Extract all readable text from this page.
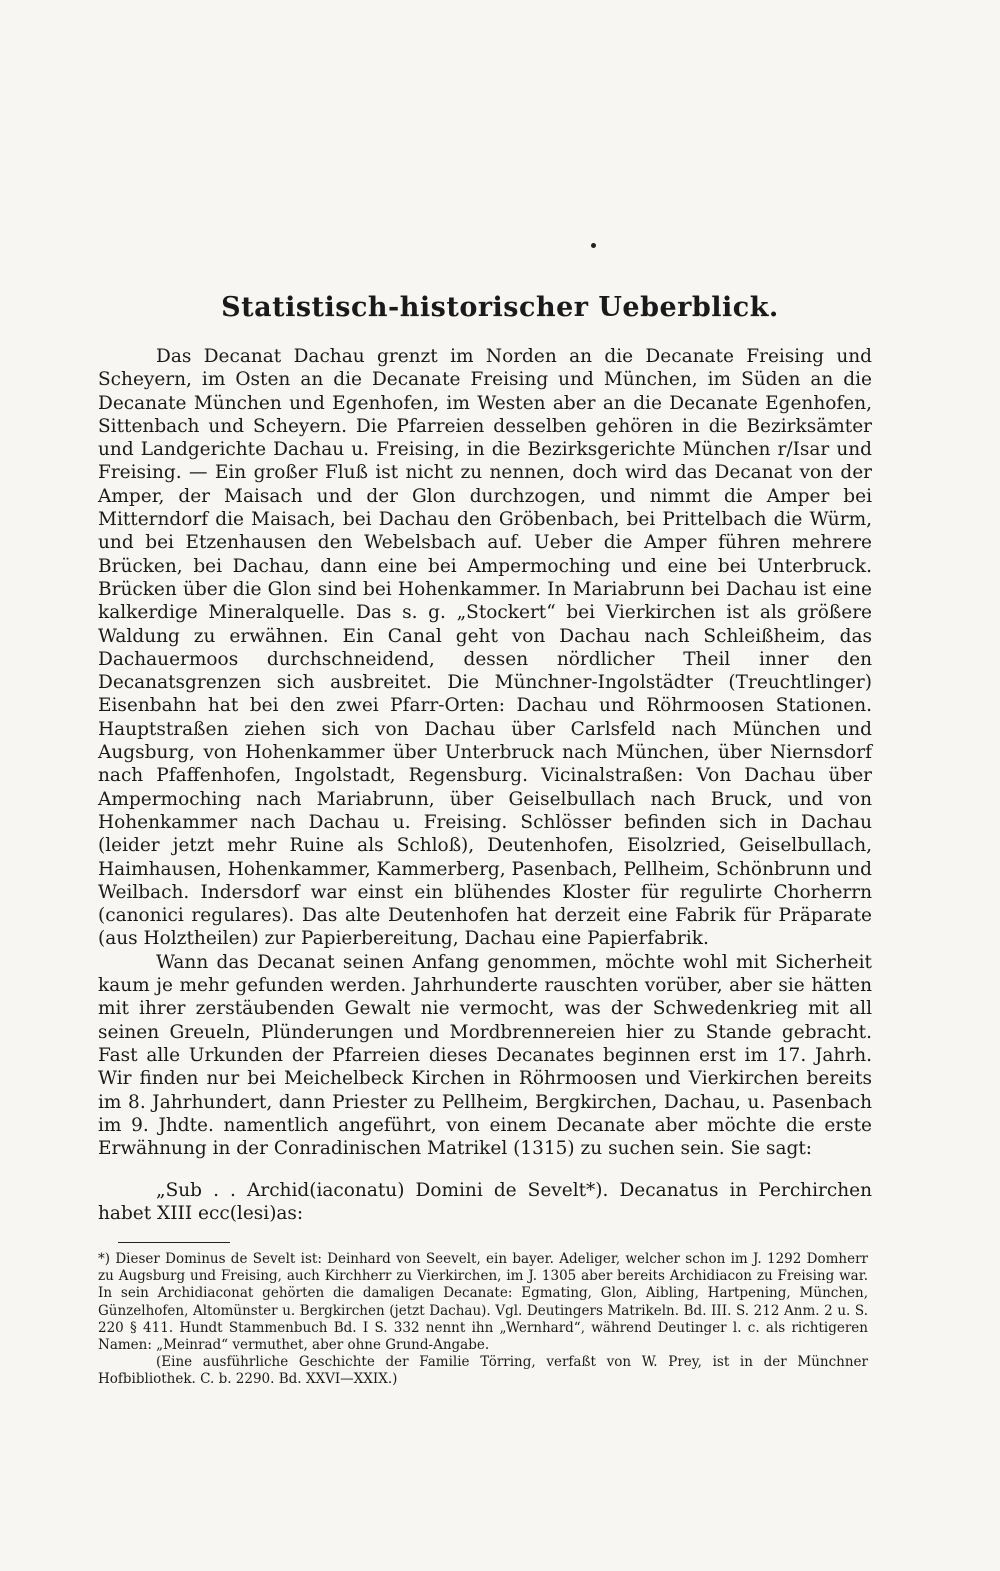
Statistisch-historischer Ueberblick.

Das Decanat Dachau grenzt im Norden an die Decanate Freising und Scheyern, im Osten an die Decanate Freising und München, im Süden an die Decanate München und Egenhofen, im Westen aber an die Decanate Egenhofen, Sittenbach und Scheyern. Die Pfarreien desselben gehören in die Bezirksämter und Landgerichte Dachau u. Freising, in die Bezirksgerichte München r/Isar und Freising. — Ein großer Fluß ist nicht zu nennen, doch wird das Decanat von der Amper, der Maisach und der Glon durchzogen, und nimmt die Amper bei Mitterndorf die Maisach, bei Dachau den Gröbenbach, bei Prittelbach die Würm, und bei Etzenhausen den Webelsbach auf. Ueber die Amper führen mehrere Brücken, bei Dachau, dann eine bei Ampermoching und eine bei Unterbruck. Brücken über die Glon sind bei Hohenkammer. In Mariabrunn bei Dachau ist eine kalkerdige Mineralquelle. Das s. g. „Stockert“ bei Vierkirchen ist als größere Waldung zu erwähnen. Ein Canal geht von Dachau nach Schleißheim, das Dachauermoos durchschneidend, dessen nördlicher Theil inner den Decanatsgrenzen sich ausbreitet. Die Münchner-Ingolstädter (Treuchtlinger) Eisenbahn hat bei den zwei Pfarr-Orten: Dachau und Röhrmoosen Stationen. Hauptstraßen ziehen sich von Dachau über Carlsfeld nach München und Augsburg, von Hohenkammer über Unterbruck nach München, über Niernsdorf nach Pfaffenhofen, Ingolstadt, Regensburg. Vicinalstraßen: Von Dachau über Ampermoching nach Mariabrunn, über Geiselbullach nach Bruck, und von Hohenkammer nach Dachau u. Freising. Schlösser befinden sich in Dachau (leider jetzt mehr Ruine als Schloß), Deutenhofen, Eisolzried, Geiselbullach, Haimhausen, Hohenkammer, Kammerberg, Pasenbach, Pellheim, Schönbrunn und Weilbach. Indersdorf war einst ein blühendes Kloster für regulirte Chorherrn (canonici regulares). Das alte Deutenhofen hat derzeit eine Fabrik für Präparate (aus Holztheilen) zur Papierbereitung, Dachau eine Papierfabrik.

Wann das Decanat seinen Anfang genommen, möchte wohl mit Sicherheit kaum je mehr gefunden werden. Jahrhunderte rauschten vorüber, aber sie hätten mit ihrer zerstäubenden Gewalt nie vermocht, was der Schwedenkrieg mit all seinen Greueln, Plünderungen und Mordbrennereien hier zu Stande gebracht. Fast alle Urkunden der Pfarreien dieses Decanates beginnen erst im 17. Jahrh. Wir finden nur bei Meichelbeck Kirchen in Röhrmoosen und Vierkirchen bereits im 8. Jahrhundert, dann Priester zu Pellheim, Bergkirchen, Dachau, u. Pasenbach im 9. Jhdte. namentlich angeführt, von einem Decanate aber möchte die erste Erwähnung in der Conradinischen Matrikel (1315) zu suchen sein. Sie sagt:

„Sub . . Archid(iaconatu) Domini de Sevelt*). Decanatus in Perchirchen habet XIII ecc(lesi)as:

*) Dieser Dominus de Sevelt ist: Deinhard von Seevelt, ein bayer. Adeliger, welcher schon im J. 1292 Domherr zu Augsburg und Freising, auch Kirchherr zu Vierkirchen, im J. 1305 aber bereits Archidiacon zu Freising war. In sein Archidiaconat gehörten die damaligen Decanate: Egmating, Glon, Aibling, Hartpening, München, Günzelhofen, Altomünster u. Bergkirchen (jetzt Dachau). Vgl. Deutingers Matrikeln. Bd. III. S. 212 Anm. 2 u. S. 220 § 411. Hundt Stammenbuch Bd. I S. 332 nennt ihn „Wernhard“, während Deutinger l. c. als richtigeren Namen: „Meinrad“ vermuthet, aber ohne Grund-Angabe.

(Eine ausführliche Geschichte der Familie Törring, verfaßt von W. Prey, ist in der Münchner Hofbibliothek. C. b. 2290. Bd. XXVI—XXIX.)
